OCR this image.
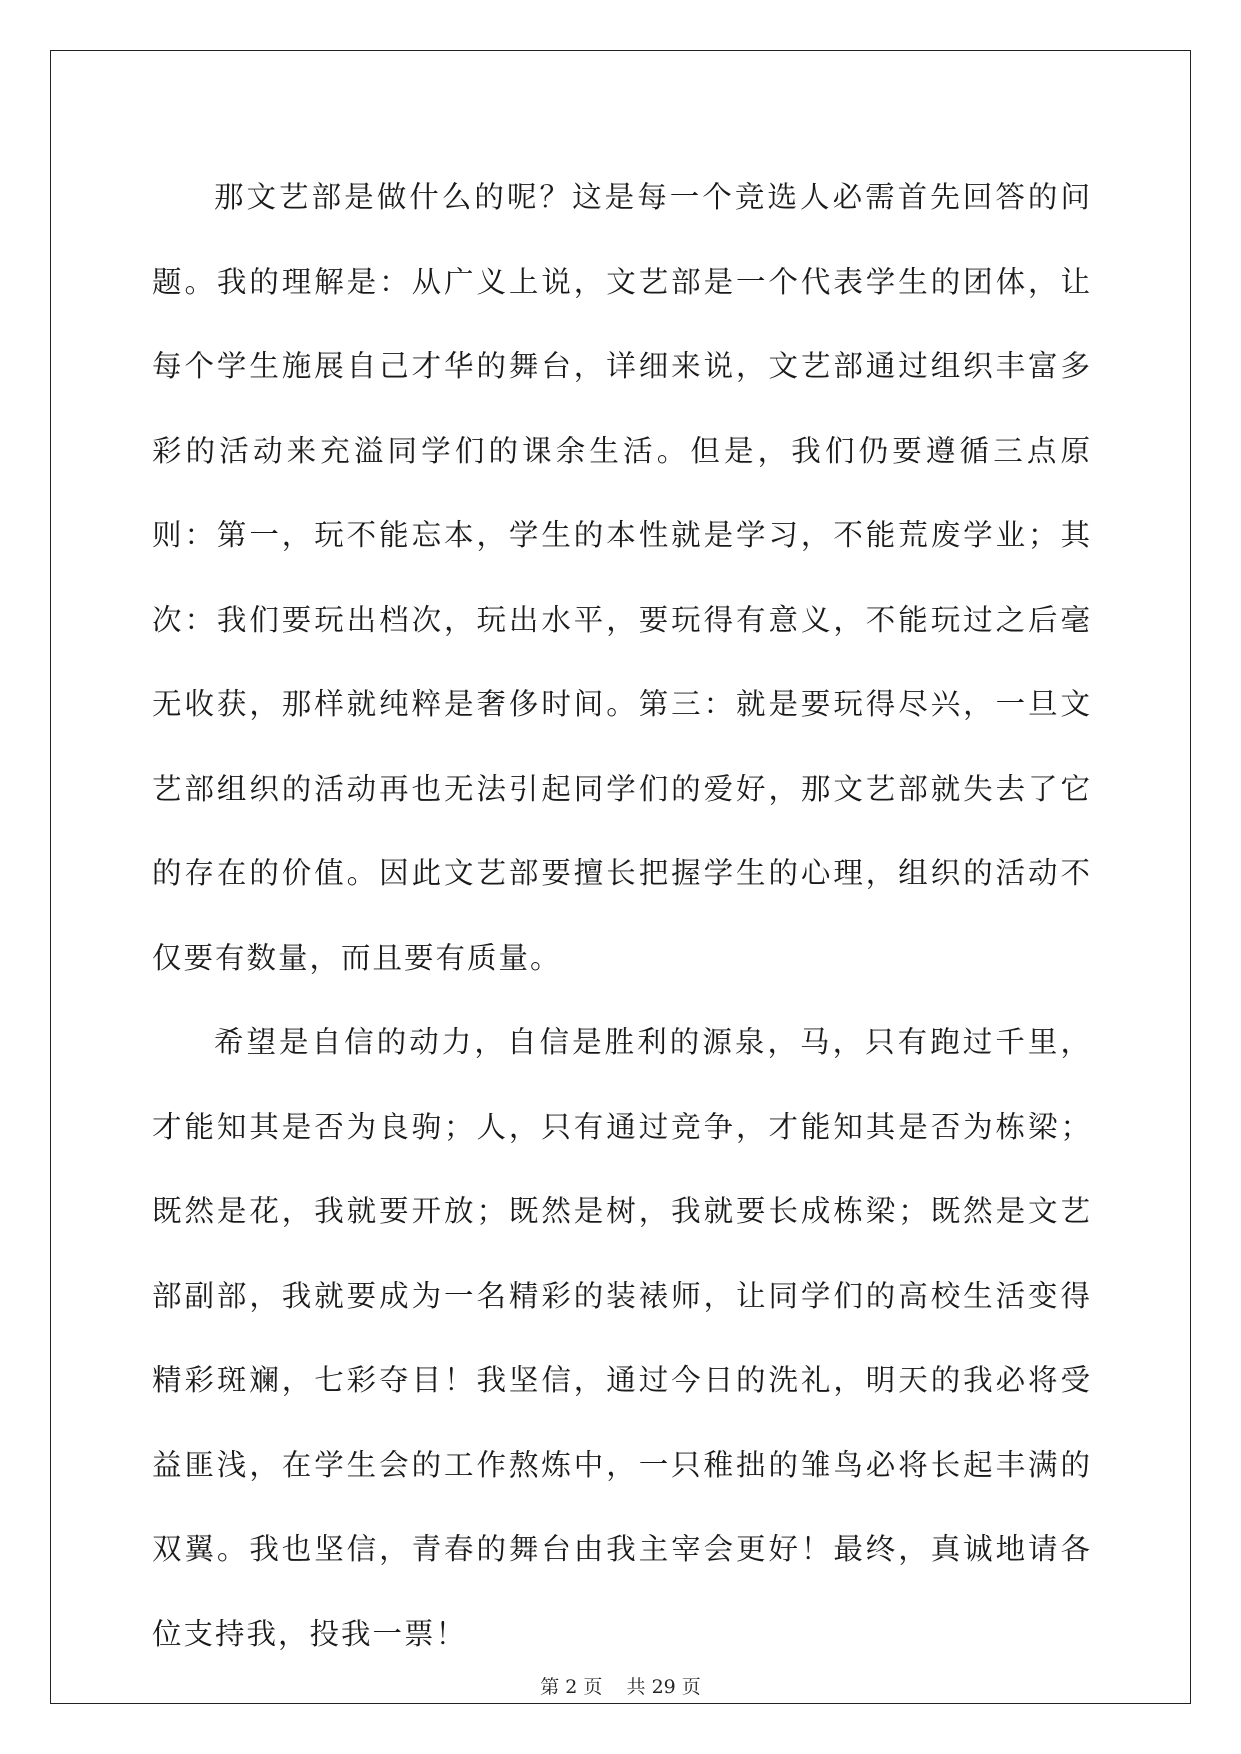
那文艺部是做什么的呢？这是每一个竞选人必需首先回答的问题。我的理解是：从广义上说，文艺部是一个代表学生的团体，让每个学生施展自己才华的舞台，详细来说，文艺部通过组织丰富多彩的活动来充溢同学们的课余生活。但是，我们仍要遵循三点原则：第一，玩不能忘本，学生的本性就是学习，不能荒废学业；其次：我们要玩出档次，玩出水平，要玩得有意义，不能玩过之后毫无收获，那样就纯粹是奢侈时间。第三：就是要玩得尽兴，一旦文艺部组织的活动再也无法引起同学们的爱好，那文艺部就失去了它的存在的价值。因此文艺部要擅长把握学生的心理，组织的活动不仅要有数量，而且要有质量。

希望是自信的动力，自信是胜利的源泉，马，只有跑过千里，才能知其是否为良驹；人，只有通过竞争，才能知其是否为栋梁；既然是花，我就要开放；既然是树，我就要长成栋梁；既然是文艺部副部，我就要成为一名精彩的装裱师，让同学们的高校生活变得精彩斑斓，七彩夺目！我坚信，通过今日的洗礼，明天的我必将受益匪浅，在学生会的工作熬炼中，一只稚拙的雏鸟必将长起丰满的双翼。我也坚信，青春的舞台由我主宰会更好！最终，真诚地请各位支持我，投我一票！

第 2 页    共 29 页
